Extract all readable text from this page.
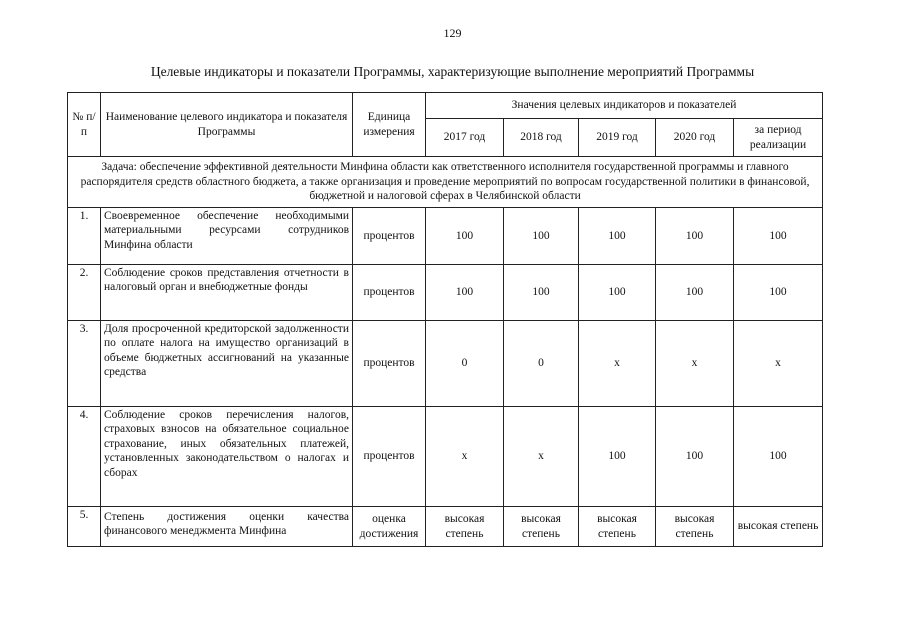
129
Целевые индикаторы и показатели Программы, характеризующие выполнение мероприятий Программы
№ п/п	Наименование целевого индикатора и показателя Программы	Единица измерения	Значения целевых индикаторов и показателей				
			2017 год	2018 год	2019 год	2020 год	за период реализации
Задача: обеспечение эффективной деятельности Минфина области как ответственного исполнителя государственной программы и главного распорядителя средств областного бюджета, а также организация и проведение мероприятий по вопросам государственной политики в финансовой, бюджетной и налоговой сферах в Челябинской области							
1.	Своевременное обеспечение необходимыми материальными ресурсами сотрудников Минфина области	процентов	100	100	100	100	100
2.	Соблюдение сроков представления отчетности в налоговый орган и внебюджетные фонды	процентов	100	100	100	100	100
3.	Доля просроченной кредиторской задолженности по оплате налога на имущество организаций в объеме бюджетных ассигнований на указанные средства	процентов	0	0	х	х	х
4.	Соблюдение сроков перечисления налогов, страховых взносов на обязательное социальное страхование, иных обязательных платежей, установленных законодательством о налогах и сборах	процентов	х	х	100	100	100
5.	Степень достижения оценки качества финансового менеджмента Минфина	оценка достижения	высокая степень	высокая степень	высокая степень	высокая степень	высокая степень
